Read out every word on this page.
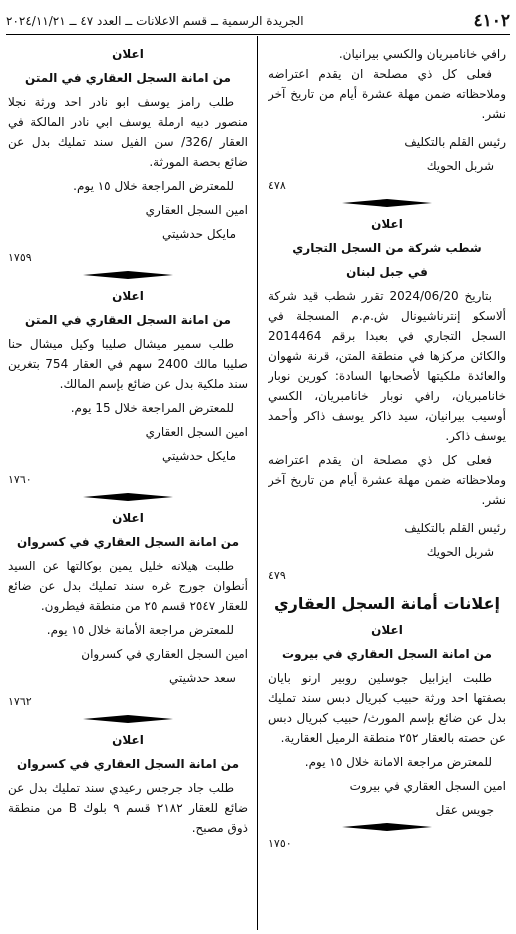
٤١٠٢
الجريدة الرسمية ــ قسم الاعلانات ــ العدد ٤٧ ــ ٢٠٢٤/١١/٢١

رافي خانامبريان والكسي بيرانيان.

فعلى كل ذي مصلحة ان يقدم اعتراضه وملاحظاته ضمن مهلة عشرة أيام من تاريخ آخر نشر.

رئيس القلم بالتكليف

شربل الحويك

٤٧٨

اعلان

شطب شركة من السجل التجاري

في جبل لبنان

بتاريخ 2024/06/20 تقرر شطب قيد شركة ألاسكو إنترناشيونال ش.م.م المسجلة في السجل التجاري في بعبدا برقم 2014464 والكائن مركزها في منطقة المتن، قرنة شهوان والعائدة ملكيتها لأصحابها السادة: كورين نوبار خانامبريان، رافي نوبار خانامبريان، الكسي أوسيب بيرانيان، سيد ذاكر يوسف ذاكر وأحمد يوسف ذاكر.

فعلى كل ذي مصلحة ان يقدم اعتراضه وملاحظاته ضمن مهلة عشرة أيام من تاريخ آخر نشر.

رئيس القلم بالتكليف

شربل الحويك

٤٧٩

إعلانات أمانة السجل العقاري

اعلان

من امانة السجل العقاري في بيروت

طلبت ايزابيل جوسلين روبير ارنو بايان بصفتها احد ورثة حبيب كبريال دبس سند تمليك بدل عن ضائع بإسم المورث/ حبيب كبريال دبس عن حصته بالعقار ٢٥٢ منطقة الرميل العقارية.

للمعترض مراجعة الامانة خلال ١٥ يوم.

امين السجل العقاري في بيروت

جويس عقل

١٧٥٠

اعلان

من امانة السجل العقاري في المتن

طلب رامز يوسف ابو نادر احد ورثة نجلا منصور دبيه ارملة يوسف ابي نادر المالكة في العقار /326/ سن الفيل سند تمليك بدل عن ضائع بحصة المورثة.

للمعترض المراجعة خلال ١٥ يوم.

امين السجل العقاري

مايكل حدشيتي

١٧٥٩

اعلان

من امانة السجل العقاري في المتن

طلب سمير ميشال صليبا وكيل ميشال حنا صليبا مالك 2400 سهم في العقار 754 بتغرين سند ملكية بدل عن ضائع بإسم المالك.

للمعترض المراجعة خلال 15 يوم.

امين السجل العقاري

مايكل حدشيتي

١٧٦٠

اعلان

من امانة السجل العقاري في كسروان

طلبت هيلانه خليل يمين بوكالتها عن السيد أنطوان جورج غره سند تمليك بدل عن ضائع للعقار ٢٥٤٧ قسم ٢٥ من منطقة فيطرون.

للمعترض مراجعة الأمانة خلال ١٥ يوم.

امين السجل العقاري في كسروان

سعد حدشيتي

١٧٦٢

اعلان

من امانة السجل العقاري في كسروان

طلب جاد جرجس رعيدي سند تمليك بدل عن ضائع للعقار ٢١٨٢ قسم ٩ بلوك B من منطقة ذوق مصبح.
